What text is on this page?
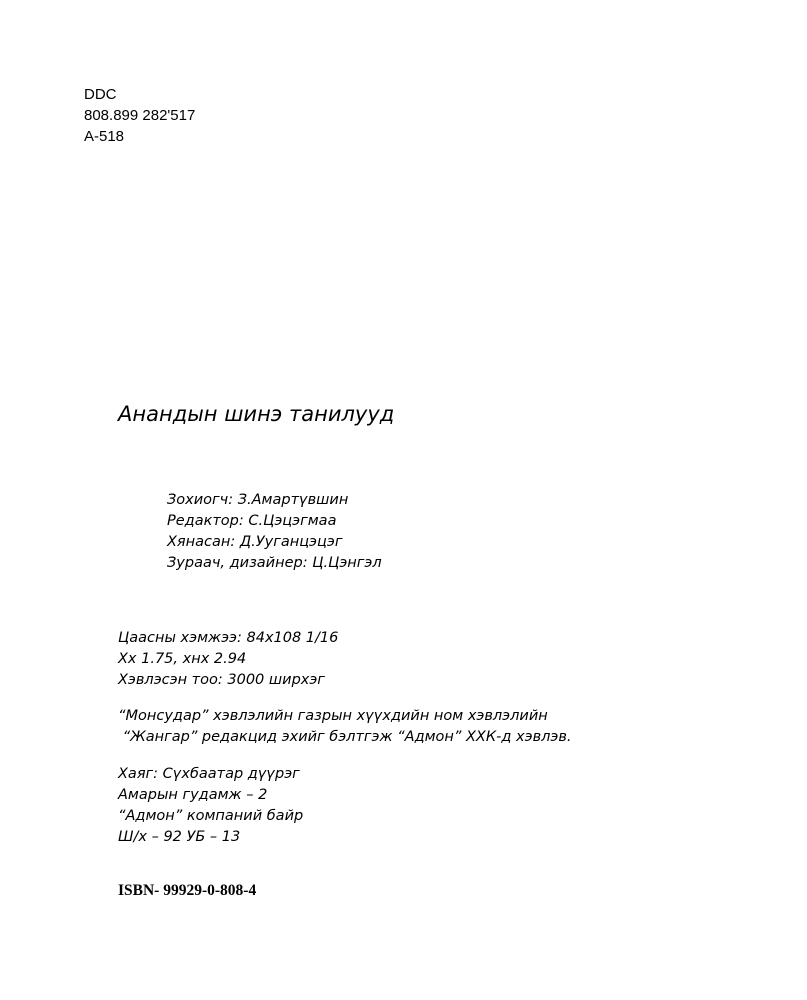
DDC
808.899 282'517
А-518
Анандын шинэ танилууд
Зохиогч: З.Амартүвшин
Редактор: С.Цэцэгмаа
Хянасан: Д.Ууганцэцэг
Зураач, дизайнер: Ц.Цэнгэл
Цаасны хэмжээ: 84х108 1/16
Хх 1.75, хнх 2.94
Хэвлэсэн тоо: 3000 ширхэг
“Монсудар” хэвлэлийн газрын хүүхдийн ном хэвлэлийн
“Жангар” редакцид эхийг бэлтгэж “Адмон” ХХК-д хэвлэв.
Хаяг: Сүхбаатар дүүрэг
Амарын гудамж – 2
“Адмон” компаний байр
Ш/х – 92 УБ – 13
ISBN- 99929-0-808-4
